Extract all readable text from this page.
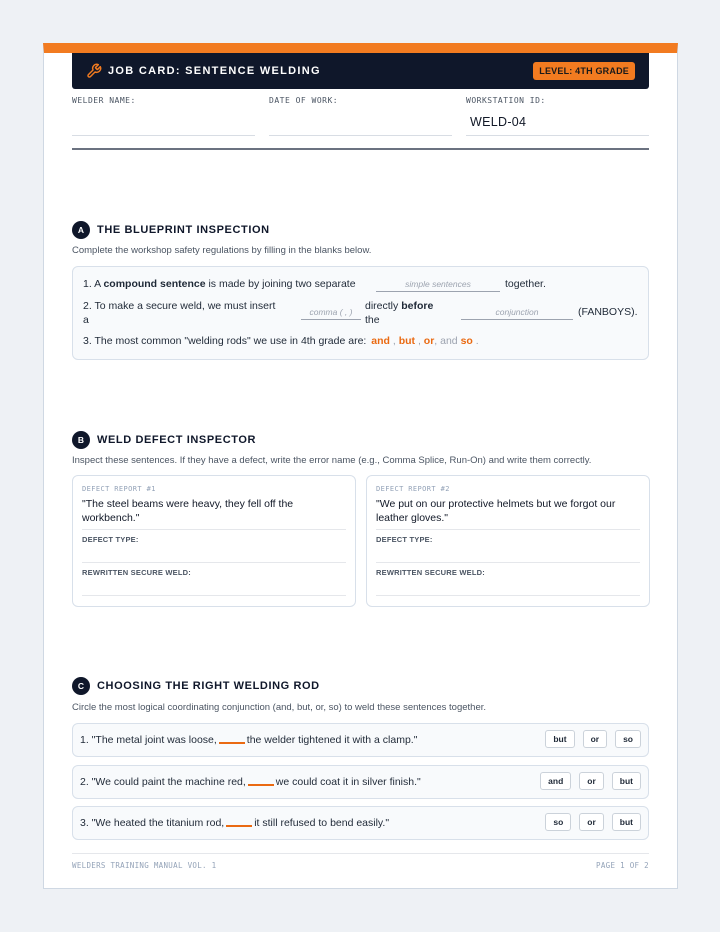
JOB CARD: SENTENCE WELDING	LEVEL: 4TH GRADE
WELDER NAME:	DATE OF WORK:	WORKSTATION ID:
WELD-04
A	THE BLUEPRINT INSPECTION
Complete the workshop safety regulations by filling in the blanks below.
1. A compound sentence is made by joining two separate	simple sentences	together.
2. To make a secure weld, we must insert
a
comma ( , )	directly before
the
conjunction	(FANBOYS).
3. The most common "welding rods" we use in 4th grade are: and , but , or, and so .
B	WELD DEFECT INSPECTOR
Inspect these sentences. If they have a defect, write the error name (e.g., Comma Splice, Run-On) and write them correctly.
DEFECT REPORT #1
"The steel beams were heavy, they fell off the workbench."
DEFECT TYPE:
REWRITTEN SECURE WELD:
DEFECT REPORT #2
"We put on our protective helmets but we forgot our leather gloves."
DEFECT TYPE:
REWRITTEN SECURE WELD:
C	CHOOSING THE RIGHT WELDING ROD
Circle the most logical coordinating conjunction (and, but, or, so) to weld these sentences together.
1. "The metal joint was loose,	the welder tightened it with a clamp."	but	or	so
2. "We could paint the machine red,	we could coat it in silver finish."	and	or	but
3. "We heated the titanium rod,	it still refused to bend easily."	so	or	but
WELDERS TRAINING MANUAL VOL. 1	PAGE 1 OF 2
